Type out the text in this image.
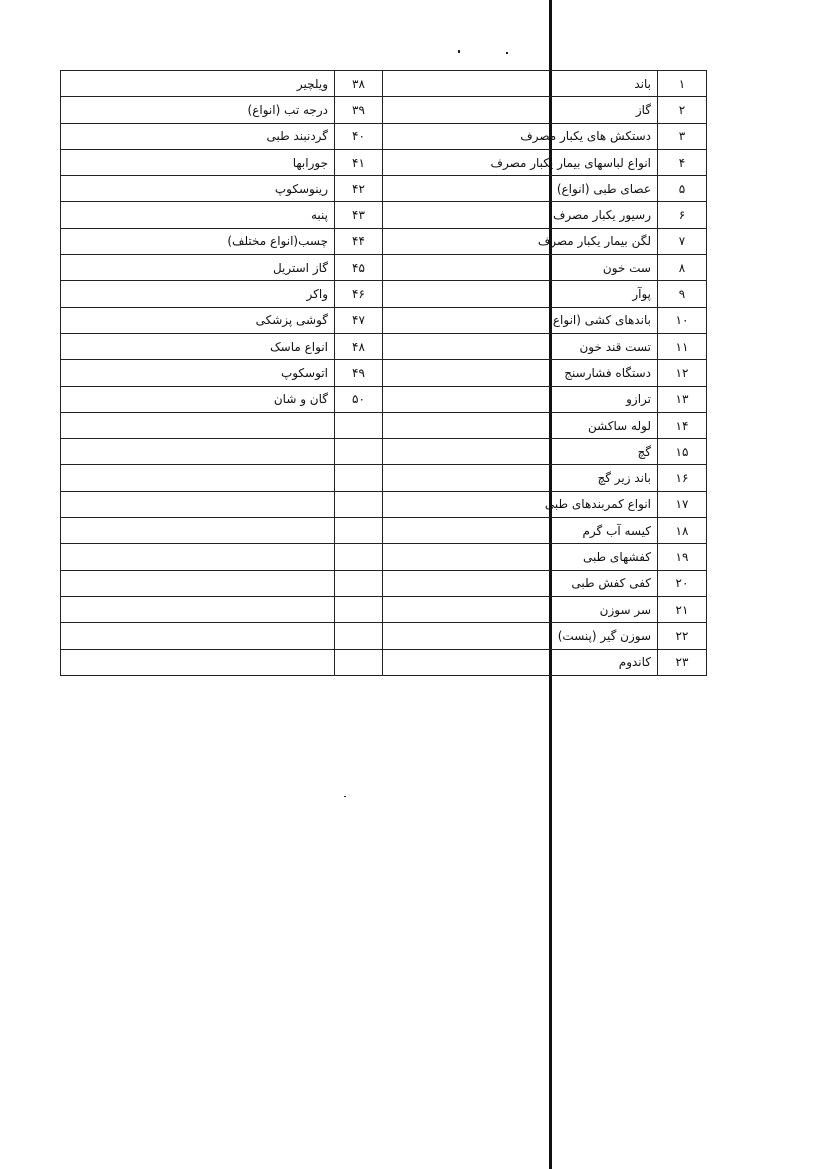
ویلچیر	۳۸	باند	۱
درجه تب (انواع)	۳۹	گاز	۲
گردنبند طبی	۴۰	دستکش های یکبار مصرف	۳
جورابها	۴۱	انواع لباسهای بیمار یکبار مصرف	۴
رینوسکوپ	۴۲	عصای طبی (انواع)	۵
پنبه	۴۳	رسیور یکبار مصرف	۶
چسب(انواع مختلف)	۴۴	لگن بیمار یکبار مصرف	۷
گاز استریل	۴۵	ست خون	۸
واکر	۴۶	پوآر	۹
گوشی پزشکی	۴۷	باندهای کشی (انواع)	۱۰
انواع ماسک	۴۸	تست قند خون	۱۱
اتوسکوپ	۴۹	دستگاه فشارسنج	۱۲
گان و شان	۵۰	ترازو	۱۳
		لوله ساکشن	۱۴
		گچ	۱۵
		باند زیر گچ	۱۶
		انواع کمربندهای طبی	۱۷
		کیسه آب گرم	۱۸
		کفشهای طبی	۱۹
		کفی کفش طبی	۲۰
		سر سوزن	۲۱
		سوزن گیر (پنست)	۲۲
		کاندوم	۲۳
